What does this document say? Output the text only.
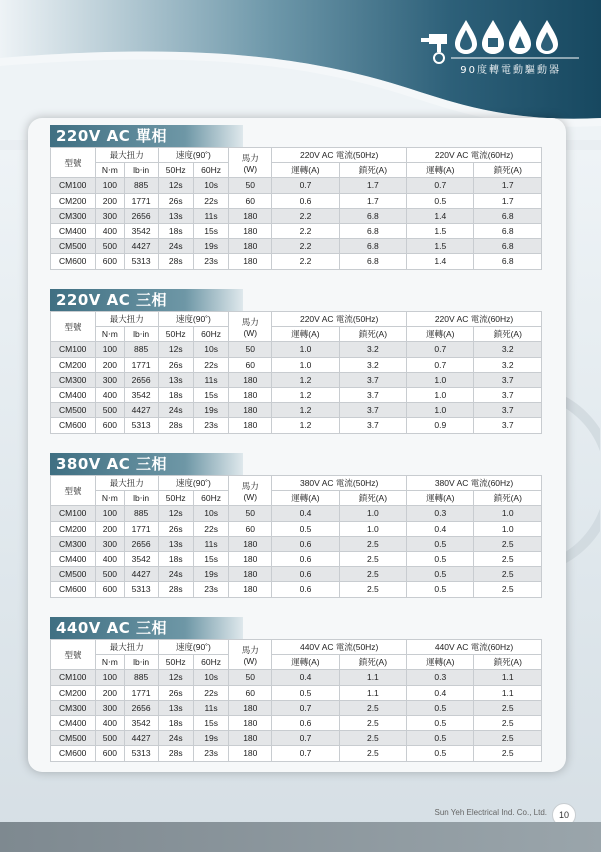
90度轉電動驅動器
220V AC 單相
型號	最大扭力		速度(90˚)		馬力
(W)	220V AC 電流(50Hz)		220V AC 電流(60Hz)	
	N‧m	lb‧in	50Hz	60Hz		運轉(A)	鎖死(A)	運轉(A)	鎖死(A)
CM100	100	885	12s	10s	50	0.7	1.7	0.7	1.7
CM200	200	1771	26s	22s	60	0.6	1.7	0.5	1.7
CM300	300	2656	13s	11s	180	2.2	6.8	1.4	6.8
CM400	400	3542	18s	15s	180	2.2	6.8	1.5	6.8
CM500	500	4427	24s	19s	180	2.2	6.8	1.5	6.8
CM600	600	5313	28s	23s	180	2.2	6.8	1.4	6.8
220V AC 三相
型號	最大扭力		速度(90˚)		馬力
(W)	220V AC 電流(50Hz)		220V AC 電流(60Hz)	
	N‧m	lb‧in	50Hz	60Hz		運轉(A)	鎖死(A)	運轉(A)	鎖死(A)
CM100	100	885	12s	10s	50	1.0	3.2	0.7	3.2
CM200	200	1771	26s	22s	60	1.0	3.2	0.7	3.2
CM300	300	2656	13s	11s	180	1.2	3.7	1.0	3.7
CM400	400	3542	18s	15s	180	1.2	3.7	1.0	3.7
CM500	500	4427	24s	19s	180	1.2	3.7	1.0	3.7
CM600	600	5313	28s	23s	180	1.2	3.7	0.9	3.7
380V AC 三相
型號	最大扭力		速度(90˚)		馬力
(W)	380V AC 電流(50Hz)		380V AC 電流(60Hz)	
	N‧m	lb‧in	50Hz	60Hz		運轉(A)	鎖死(A)	運轉(A)	鎖死(A)
CM100	100	885	12s	10s	50	0.4	1.0	0.3	1.0
CM200	200	1771	26s	22s	60	0.5	1.0	0.4	1.0
CM300	300	2656	13s	11s	180	0.6	2.5	0.5	2.5
CM400	400	3542	18s	15s	180	0.6	2.5	0.5	2.5
CM500	500	4427	24s	19s	180	0.6	2.5	0.5	2.5
CM600	600	5313	28s	23s	180	0.6	2.5	0.5	2.5
440V AC 三相
型號	最大扭力		速度(90˚)		馬力
(W)	440V AC 電流(50Hz)		440V AC 電流(60Hz)	
	N‧m	lb‧in	50Hz	60Hz		運轉(A)	鎖死(A)	運轉(A)	鎖死(A)
CM100	100	885	12s	10s	50	0.4	1.1	0.3	1.1
CM200	200	1771	26s	22s	60	0.5	1.1	0.4	1.1
CM300	300	2656	13s	11s	180	0.7	2.5	0.5	2.5
CM400	400	3542	18s	15s	180	0.6	2.5	0.5	2.5
CM500	500	4427	24s	19s	180	0.7	2.5	0.5	2.5
CM600	600	5313	28s	23s	180	0.7	2.5	0.5	2.5
Sun Yeh Electrical Ind. Co., Ltd.	10
